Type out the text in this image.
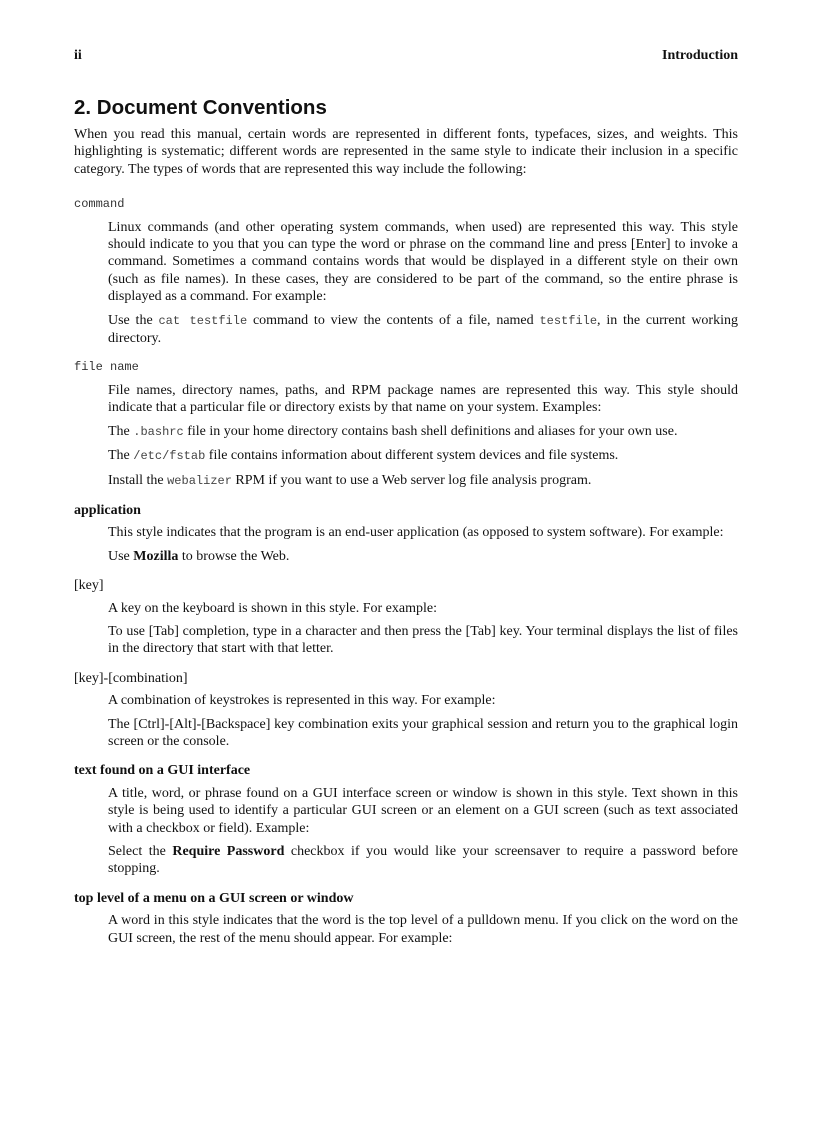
ii	Introduction
2. Document Conventions

When you read this manual, certain words are represented in different fonts, typefaces, sizes, and weights. This highlighting is systematic; different words are represented in the same style to indicate their inclusion in a specific category. The types of words that are represented this way include the following:

command

Linux commands (and other operating system commands, when used) are represented this way. This style should indicate to you that you can type the word or phrase on the command line and press [Enter] to invoke a command. Sometimes a command contains words that would be displayed in a different style on their own (such as file names). In these cases, they are considered to be part of the command, so the entire phrase is displayed as a command. For example:

Use the cat testfile command to view the contents of a file, named testfile, in the current working directory.

file name

File names, directory names, paths, and RPM package names are represented this way. This style should indicate that a particular file or directory exists by that name on your system. Examples:

The .bashrc file in your home directory contains bash shell definitions and aliases for your own use.

The /etc/fstab file contains information about different system devices and file systems.

Install the webalizer RPM if you want to use a Web server log file analysis program.

application

This style indicates that the program is an end-user application (as opposed to system software). For example:

Use Mozilla to browse the Web.

[key]

A key on the keyboard is shown in this style. For example:

To use [Tab] completion, type in a character and then press the [Tab] key. Your terminal displays the list of files in the directory that start with that letter.

[key]-[combination]

A combination of keystrokes is represented in this way. For example:

The [Ctrl]-[Alt]-[Backspace] key combination exits your graphical session and return you to the graphical login screen or the console.

text found on a GUI interface

A title, word, or phrase found on a GUI interface screen or window is shown in this style. Text shown in this style is being used to identify a particular GUI screen or an element on a GUI screen (such as text associated with a checkbox or field). Example:

Select the Require Password checkbox if you would like your screensaver to require a password before stopping.

top level of a menu on a GUI screen or window

A word in this style indicates that the word is the top level of a pulldown menu. If you click on the word on the GUI screen, the rest of the menu should appear. For example:
